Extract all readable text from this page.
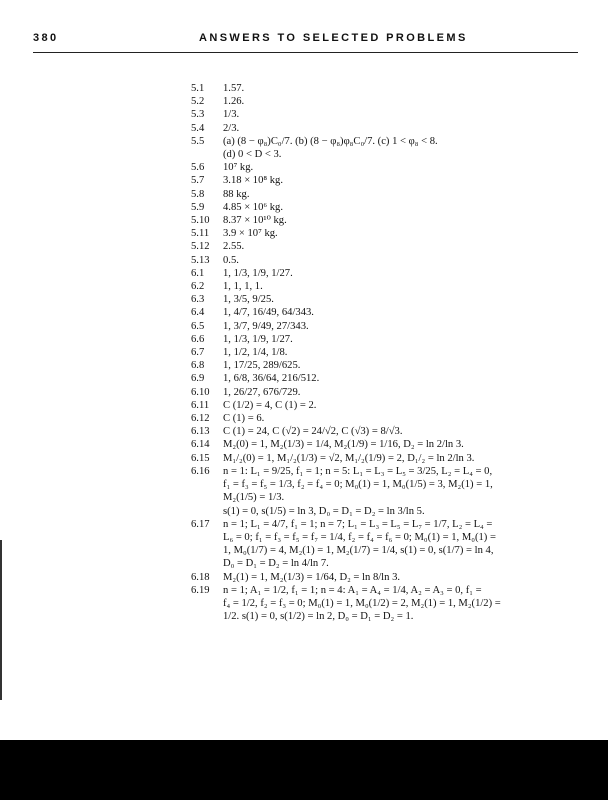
380	ANSWERS TO SELECTED PROBLEMS
5.1	1.57.
5.2	1.26.
5.3	1/3.
5.4	2/3.
5.5	(a) (8 − φ₈)C₀/7. (b) (8 − φ₈)φ₈C₀/7. (c) 1 < φ₈ < 8.
(d) 0 < D < 3.
5.6	10⁷ kg.
5.7	3.18 × 10⁸ kg.
5.8	88 kg.
5.9	4.85 × 10⁶ kg.
5.10	8.37 × 10¹⁰ kg.
5.11	3.9 × 10⁷ kg.
5.12	2.55.
5.13	0.5.
6.1	1, 1/3, 1/9, 1/27.
6.2	1, 1, 1, 1.
6.3	1, 3/5, 9/25.
6.4	1, 4/7, 16/49, 64/343.
6.5	1, 3/7, 9/49, 27/343.
6.6	1, 1/3, 1/9, 1/27.
6.7	1, 1/2, 1/4, 1/8.
6.8	1, 17/25, 289/625.
6.9	1, 6/8, 36/64, 216/512.
6.10	1, 26/27, 676/729.
6.11	C (1/2) = 4, C (1) = 2.
6.12	C (1) = 6.
6.13	C (1) = 24, C (√2) = 24/√2, C (√3) = 8/√3.
6.14	M₂(0) = 1, M₂(1/3) = 1/4, M₂(1/9) = 1/16, D₂ = ln 2/ln 3.
6.15	M₁/₂(0) = 1, M₁/₂(1/3) = √2, M₁/₂(1/9) = 2, D₁/₂ = ln 2/ln 3.
6.16	n = 1: L₁ = 9/25, f₁ = 1; n = 5: L₁ = L₃ = L₅ = 3/25, L₂ = L₄ = 0,
f₁ = f₃ = f₅ = 1/3, f₂ = f₄ = 0; M₀(1) = 1, M₀(1/5) = 3, M₂(1) = 1,
M₂(1/5) = 1/3.
s(1) = 0, s(1/5) = ln 3, D₀ = D₁ = D₂ = ln 3/ln 5.
6.17	n = 1; L₁ = 4/7, f₁ = 1; n = 7; L₁ = L₃ = L₅ = L₇ = 1/7, L₂ = L₄ =
L₆ = 0; f₁ = f₃ = f₅ = f₇ = 1/4, f₂ = f₄ = f₆ = 0; M₀(1) = 1, M₀(1) =
1, M₀(1/7) = 4, M₂(1) = 1, M₂(1/7) = 1/4, s(1) = 0, s(1/7) = ln 4,
D₀ = D₁ = D₂ = ln 4/ln 7.
6.18	M₂(1) = 1, M₂(1/3) = 1/64, D₂ = ln 8/ln 3.
6.19	n = 1; A₁ = 1/2, f₁ = 1; n = 4: A₁ = A₄ = 1/4, A₂ = A₃ = 0, f₁ =
f₄ = 1/2, f₂ = f₃ = 0; M₀(1) = 1, M₀(1/2) = 2, M₂(1) = 1, M₂(1/2) =
1/2. s(1) = 0, s(1/2) = ln 2, D₀ = D₁ = D₂ = 1.
